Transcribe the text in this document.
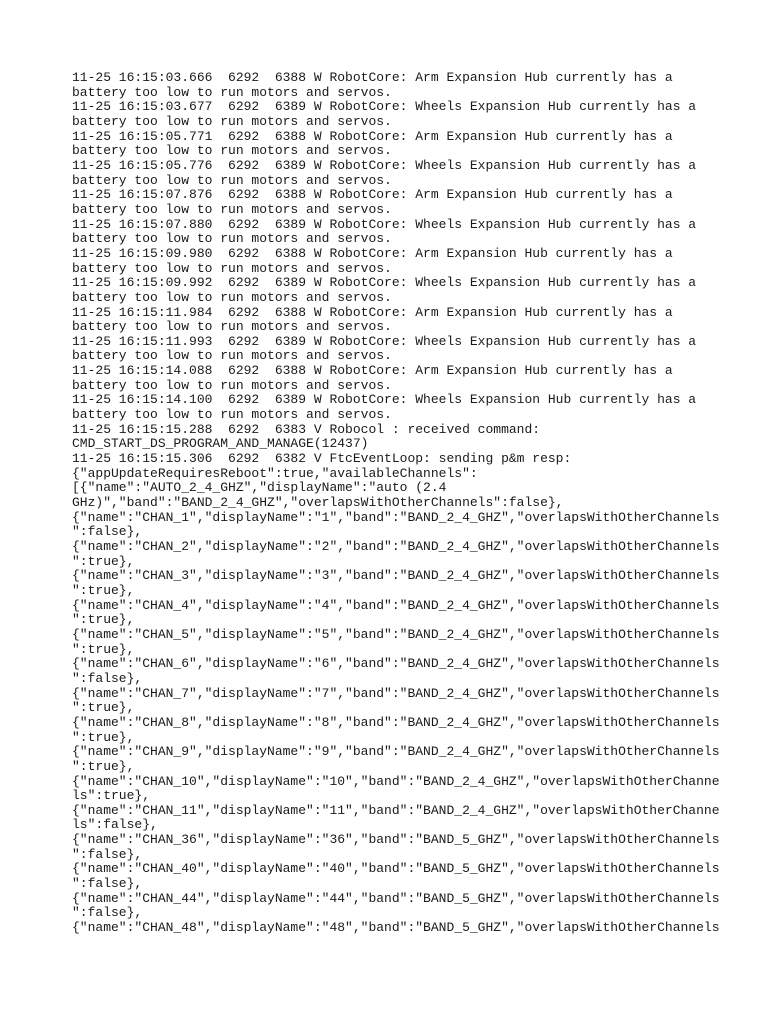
11-25 16:15:03.666  6292  6388 W RobotCore: Arm Expansion Hub currently has a
battery too low to run motors and servos.
11-25 16:15:03.677  6292  6389 W RobotCore: Wheels Expansion Hub currently has a
battery too low to run motors and servos.
11-25 16:15:05.771  6292  6388 W RobotCore: Arm Expansion Hub currently has a
battery too low to run motors and servos.
11-25 16:15:05.776  6292  6389 W RobotCore: Wheels Expansion Hub currently has a
battery too low to run motors and servos.
11-25 16:15:07.876  6292  6388 W RobotCore: Arm Expansion Hub currently has a
battery too low to run motors and servos.
11-25 16:15:07.880  6292  6389 W RobotCore: Wheels Expansion Hub currently has a
battery too low to run motors and servos.
11-25 16:15:09.980  6292  6388 W RobotCore: Arm Expansion Hub currently has a
battery too low to run motors and servos.
11-25 16:15:09.992  6292  6389 W RobotCore: Wheels Expansion Hub currently has a
battery too low to run motors and servos.
11-25 16:15:11.984  6292  6388 W RobotCore: Arm Expansion Hub currently has a
battery too low to run motors and servos.
11-25 16:15:11.993  6292  6389 W RobotCore: Wheels Expansion Hub currently has a
battery too low to run motors and servos.
11-25 16:15:14.088  6292  6388 W RobotCore: Arm Expansion Hub currently has a
battery too low to run motors and servos.
11-25 16:15:14.100  6292  6389 W RobotCore: Wheels Expansion Hub currently has a
battery too low to run motors and servos.
11-25 16:15:15.288  6292  6383 V Robocol : received command:
CMD_START_DS_PROGRAM_AND_MANAGE(12437)
11-25 16:15:15.306  6292  6382 V FtcEventLoop: sending p&m resp:
{"appUpdateRequiresReboot":true,"availableChannels":
[{"name":"AUTO_2_4_GHZ","displayName":"auto (2.4
GHz)","band":"BAND_2_4_GHZ","overlapsWithOtherChannels":false},
{"name":"CHAN_1","displayName":"1","band":"BAND_2_4_GHZ","overlapsWithOtherChannels
":false},
{"name":"CHAN_2","displayName":"2","band":"BAND_2_4_GHZ","overlapsWithOtherChannels
":true},
{"name":"CHAN_3","displayName":"3","band":"BAND_2_4_GHZ","overlapsWithOtherChannels
":true},
{"name":"CHAN_4","displayName":"4","band":"BAND_2_4_GHZ","overlapsWithOtherChannels
":true},
{"name":"CHAN_5","displayName":"5","band":"BAND_2_4_GHZ","overlapsWithOtherChannels
":true},
{"name":"CHAN_6","displayName":"6","band":"BAND_2_4_GHZ","overlapsWithOtherChannels
":false},
{"name":"CHAN_7","displayName":"7","band":"BAND_2_4_GHZ","overlapsWithOtherChannels
":true},
{"name":"CHAN_8","displayName":"8","band":"BAND_2_4_GHZ","overlapsWithOtherChannels
":true},
{"name":"CHAN_9","displayName":"9","band":"BAND_2_4_GHZ","overlapsWithOtherChannels
":true},
{"name":"CHAN_10","displayName":"10","band":"BAND_2_4_GHZ","overlapsWithOtherChanne
ls":true},
{"name":"CHAN_11","displayName":"11","band":"BAND_2_4_GHZ","overlapsWithOtherChanne
ls":false},
{"name":"CHAN_36","displayName":"36","band":"BAND_5_GHZ","overlapsWithOtherChannels
":false},
{"name":"CHAN_40","displayName":"40","band":"BAND_5_GHZ","overlapsWithOtherChannels
":false},
{"name":"CHAN_44","displayName":"44","band":"BAND_5_GHZ","overlapsWithOtherChannels
":false},
{"name":"CHAN_48","displayName":"48","band":"BAND_5_GHZ","overlapsWithOtherChannels
